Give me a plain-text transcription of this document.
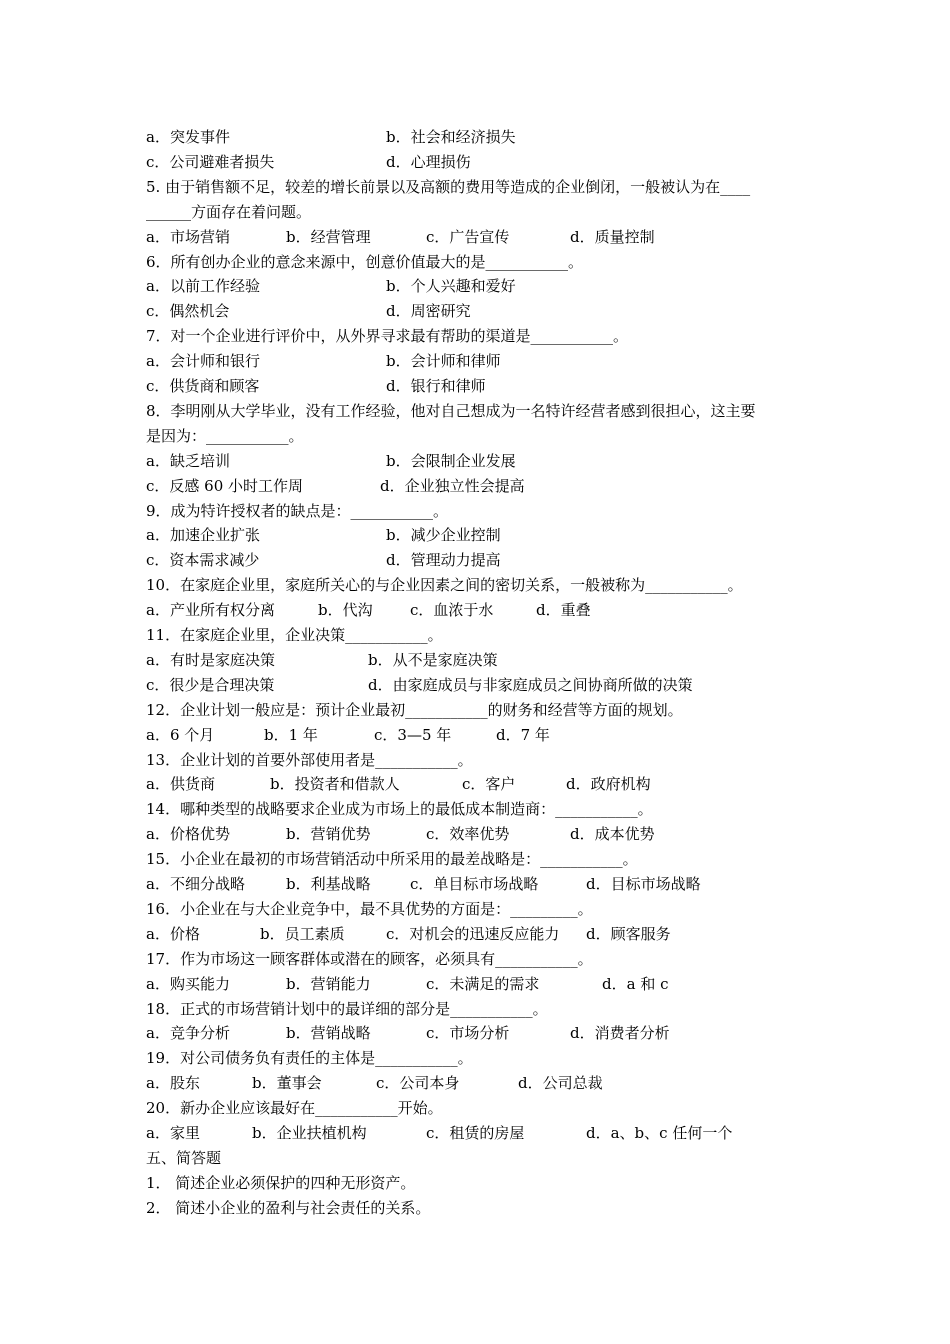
a．突发事件	b．社会和经济损失
c．公司避难者损失	d．心理损伤
5. 由于销售额不足，较差的增长前景以及高额的费用等造成的企业倒闭，一般被认为在____
______方面存在着问题。
a．市场营销	b．经营管理	c．广告宣传	d．质量控制
6．所有创办企业的意念来源中，创意价值最大的是___________。
a．以前工作经验	b．个人兴趣和爱好
c．偶然机会	d．周密研究
7．对一个企业进行评价中，从外界寻求最有帮助的渠道是___________。
a．会计师和银行	b．会计师和律师
c．供货商和顾客	d．银行和律师
8．李明刚从大学毕业，没有工作经验，他对自己想成为一名特许经营者感到很担心，这主要
是因为：___________。
a．缺乏培训	b．会限制企业发展
c．反感 60 小时工作周	d．企业独立性会提高
9．成为特许授权者的缺点是：___________。
a．加速企业扩张	b．减少企业控制
c．资本需求减少	d．管理动力提高
10．在家庭企业里，家庭所关心的与企业因素之间的密切关系，一般被称为___________。
a．产业所有权分离	b．代沟 c．血浓于水	d．重叠
11．在家庭企业里，企业决策___________。
a．有时是家庭决策	b．从不是家庭决策
c．很少是合理决策	d．由家庭成员与非家庭成员之间协商所做的决策
12．企业计划一般应是：预计企业最初___________的财务和经营等方面的规划。
a．6 个月	b．1 年	c．3—5 年	d．7 年
13．企业计划的首要外部使用者是___________。
a．供货商	b．投资者和借款人	c．客户	d．政府机构
14．哪种类型的战略要求企业成为市场上的最低成本制造商：___________。
a．价格优势	b．营销优势	c．效率优势	d．成本优势
15．小企业在最初的市场营销活动中所采用的最差战略是：___________。
a．不细分战略	b．利基战略	c．单目标市场战略	d．目标市场战略
16．小企业在与大企业竞争中，最不具优势的方面是：_________。
a．价格	b．员工素质	c．对机会的迅速反应能力 d．顾客服务
17．作为市场这一顾客群体或潜在的顾客，必须具有___________。
a．购买能力	b．营销能力	c．未满足的需求	d．a 和 c
18．正式的市场营销计划中的最详细的部分是___________。
a．竞争分析	b．营销战略	c．市场分析	d．消费者分析
19．对公司债务负有责任的主体是___________。
a．股东	b．董事会	c．公司本身	d．公司总裁
20．新办企业应该最好在___________开始。
a．家里	b．企业扶植机构	c．租赁的房屋	d．a、b、c 任何一个
五、简答题
1． 简述企业必须保护的四种无形资产。
2． 简述小企业的盈利与社会责任的关系。
